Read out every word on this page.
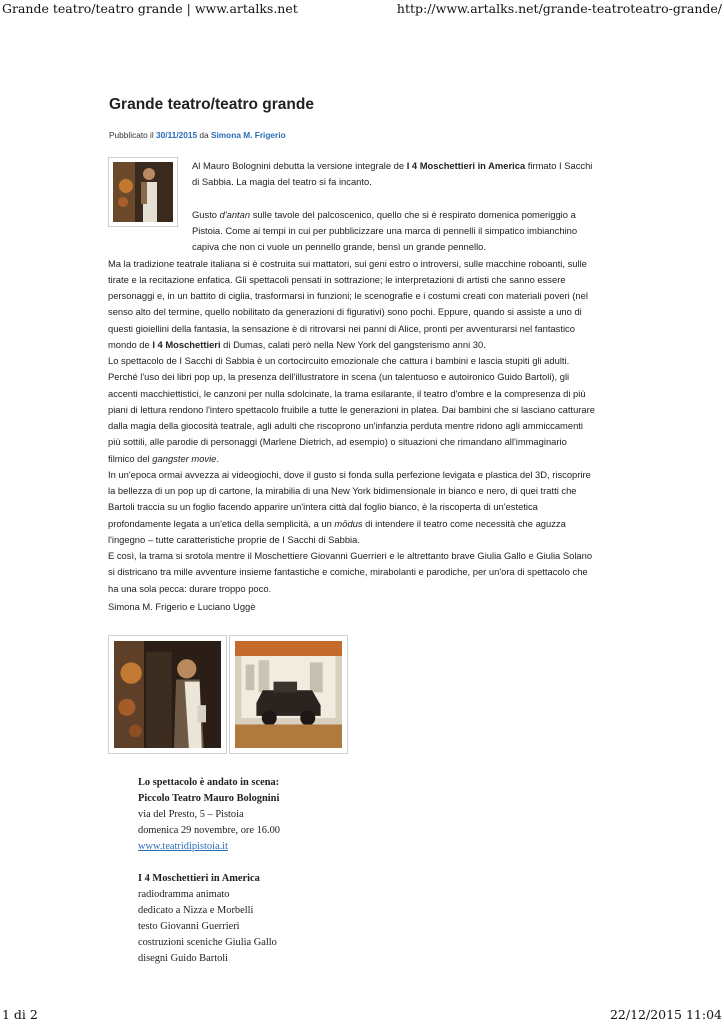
Grande teatro/teatro grande | www.artalks.net	http://www.artalks.net/grande-teatroteatro-grande/
Grande teatro/teatro grande
Pubblicato il 30/11/2015 da Simona M. Frigerio
Al Mauro Bolognini debutta la versione integrale de I 4 Moschettieri in America firmato I Sacchi
di Sabbia. La magia del teatro si fa incanto.
Gusto d'antan sulle tavole del palcoscenico, quello che si è respirato domenica pomeriggio a
Pistoia. Come ai tempi in cui per pubblicizzare una marca di pennelli il simpatico imbianchino
capiva che non ci vuole un pennello grande, bensì un grande pennello.
Ma la tradizione teatrale italiana si è costruita sui mattatori, sui geni estro o introversi, sulle macchine roboanti, sulle
tirate e la recitazione enfatica. Gli spettacoli pensati in sottrazione; le interpretazioni di artisti che sanno essere
personaggi e, in un battito di ciglia, trasformarsi in funzioni; le scenografie e i costumi creati con materiali poveri (nel
senso alto del termine, quello nobilitato da generazioni di figurativi) sono pochi. Eppure, quando si assiste a uno di
questi gioiellini della fantasia, la sensazione è di ritrovarsi nei panni di Alice, pronti per avventurarsi nel fantastico
mondo de I 4 Moschettieri di Dumas, calati però nella New York del gangsterismo anni 30.
Lo spettacolo de I Sacchi di Sabbia è un cortocircuito emozionale che cattura i bambini e lascia stupiti gli adulti.
Perché l'uso dei libri pop up, la presenza dell'illustratore in scena (un talentuoso e autoironico Guido Bartoli), gli
accenti macchiettistici, le canzoni per nulla sdolcinate, la trama esilarante, il teatro d'ombre e la compresenza di più
piani di lettura rendono l'intero spettacolo fruibile a tutte le generazioni in platea. Dai bambini che si lasciano catturare
dalla magia della giocosità teatrale, agli adulti che riscoprono un'infanzia perduta mentre ridono agli ammiccamenti
più sottili, alle parodie di personaggi (Marlene Dietrich, ad esempio) o situazioni che rimandano all'immaginario
filmico del gangster movie.
In un'epoca ormai avvezza ai videogiochi, dove il gusto si fonda sulla perfezione levigata e plastica del 3D, riscoprire
la bellezza di un pop up di cartone, la mirabilia di una New York bidimensionale in bianco e nero, di quei tratti che
Bartoli traccia su un foglio facendo apparire un'intera città dal foglio bianco, è la riscoperta di un'estetica
profondamente legata a un'etica della semplicità, a un mōdus di intendere il teatro come necessità che aguzza
l'ingegno – tutte caratteristiche proprie de I Sacchi di Sabbia.
E così, la trama si srotola mentre il Moschettiere Giovanni Guerrieri e le altrettanto brave Giulia Gallo e Giulia Solano
si districano tra mille avventure insieme fantastiche e comiche, mirabolanti e parodiche, per un'ora di spettacolo che
ha una sola pecca: durare troppo poco.
Simona M. Frigerio e Luciano Uggè
Lo spettacolo è andato in scena:
Piccolo Teatro Mauro Bolognini
via del Presto, 5 – Pistoia
domenica 29 novembre, ore 16.00
www.teatridipistoia.it
I 4 Moschettieri in America
radiodramma animato
dedicato a Nizza e Morbelli
testo Giovanni Guerrieri
costruzioni sceniche Giulia Gallo
disegni Guido Bartoli
1 di 2	22/12/2015 11:04
